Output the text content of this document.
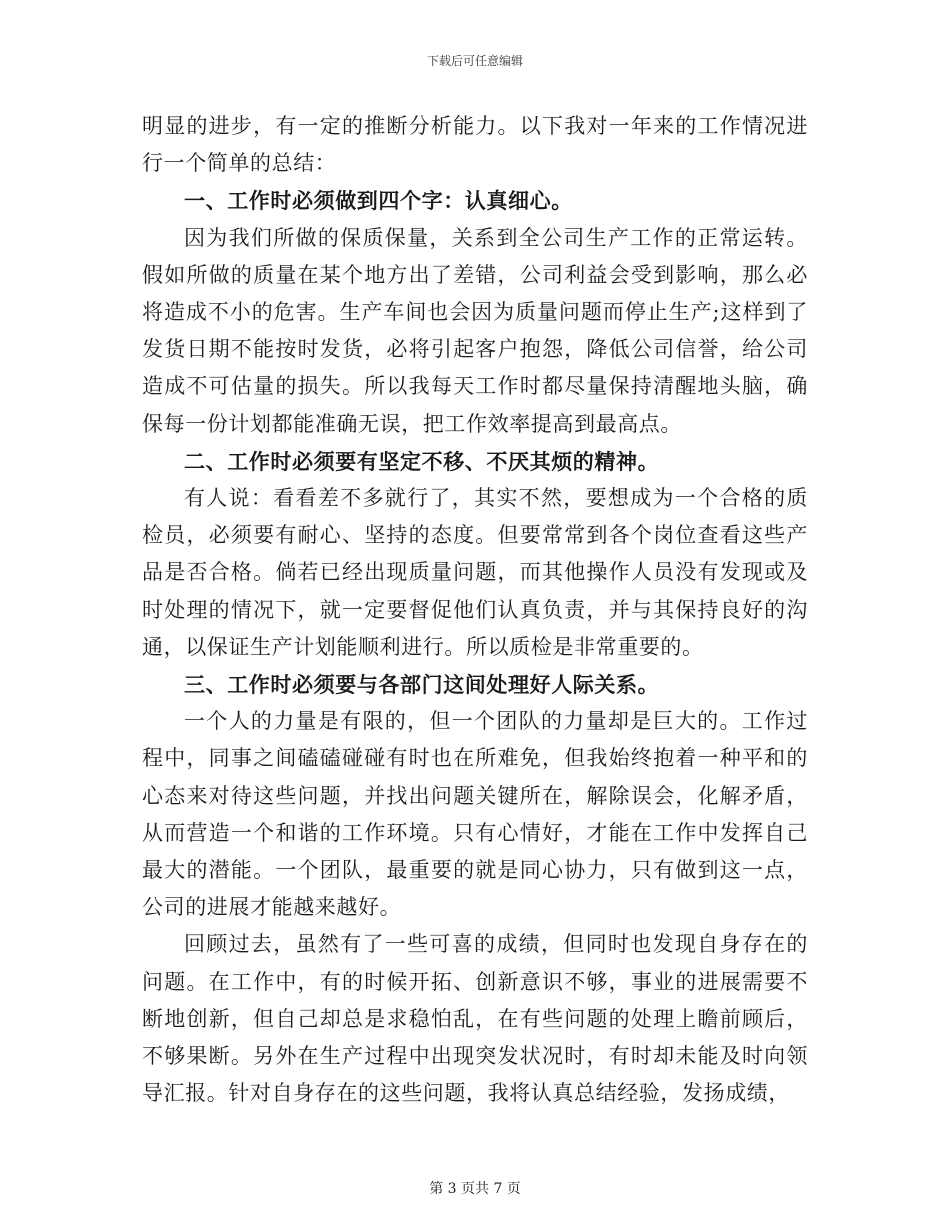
下载后可任意编辑

明显的进步，有一定的推断分析能力。以下我对一年来的工作情况进行一个简单的总结：

一、工作时必须做到四个字：认真细心。

因为我们所做的保质保量，关系到全公司生产工作的正常运转。假如所做的质量在某个地方出了差错，公司利益会受到影响，那么必将造成不小的危害。生产车间也会因为质量问题而停止生产;这样到了发货日期不能按时发货，必将引起客户抱怨，降低公司信誉，给公司造成不可估量的损失。所以我每天工作时都尽量保持清醒地头脑，确保每一份计划都能准确无误，把工作效率提高到最高点。

二、工作时必须要有坚定不移、不厌其烦的精神。

有人说：看看差不多就行了，其实不然，要想成为一个合格的质检员，必须要有耐心、坚持的态度。但要常常到各个岗位查看这些产品是否合格。倘若已经出现质量问题，而其他操作人员没有发现或及时处理的情况下，就一定要督促他们认真负责，并与其保持良好的沟通，以保证生产计划能顺利进行。所以质检是非常重要的。

三、工作时必须要与各部门这间处理好人际关系。

一个人的力量是有限的，但一个团队的力量却是巨大的。工作过程中，同事之间磕磕碰碰有时也在所难免，但我始终抱着一种平和的心态来对待这些问题，并找出问题关键所在，解除误会，化解矛盾，从而营造一个和谐的工作环境。只有心情好，才能在工作中发挥自己最大的潜能。一个团队，最重要的就是同心协力，只有做到这一点，公司的进展才能越来越好。

回顾过去，虽然有了一些可喜的成绩，但同时也发现自身存在的问题。在工作中，有的时候开拓、创新意识不够，事业的进展需要不断地创新，但自己却总是求稳怕乱，在有些问题的处理上瞻前顾后，不够果断。另外在生产过程中出现突发状况时，有时却未能及时向领导汇报。针对自身存在的这些问题，我将认真总结经验，发扬成绩，

第 3 页共 7 页
